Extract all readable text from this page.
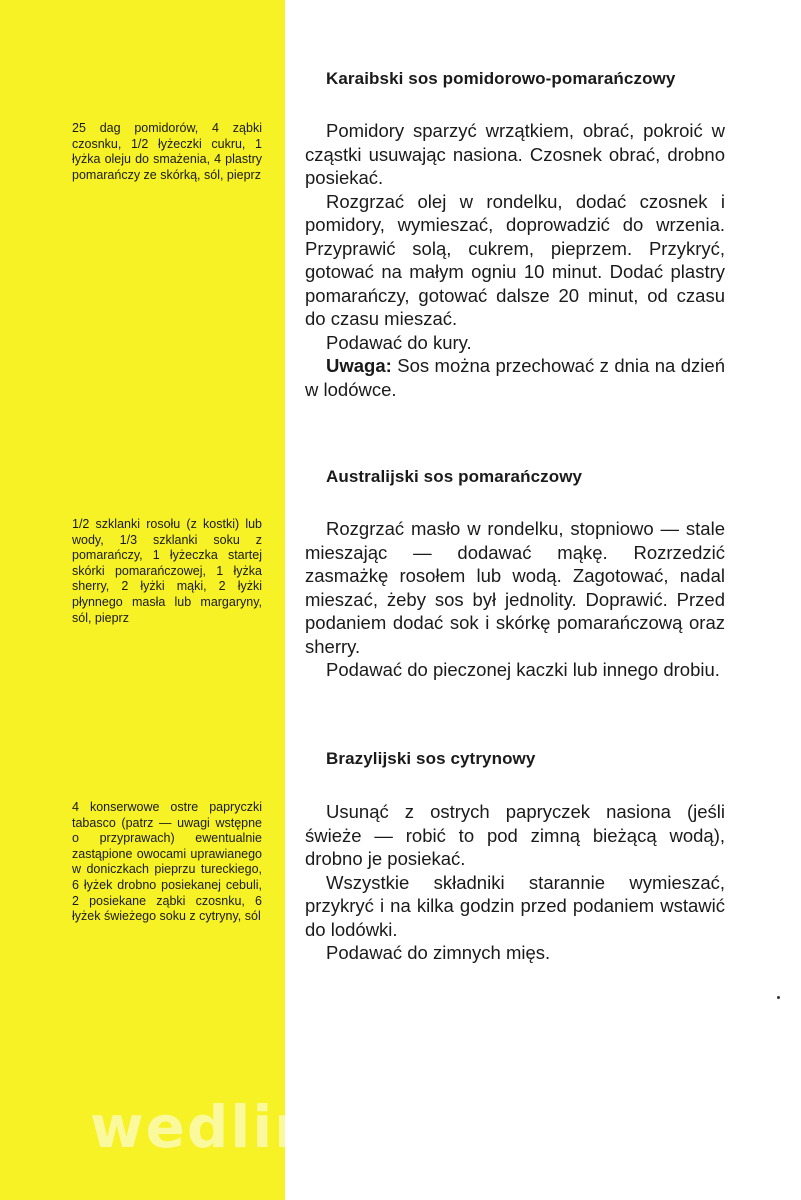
25 dag pomidorów, 4 ząbki czosnku, 1/2 łyżeczki cukru, 1 łyżka oleju do smażenia, 4 plastry pomarańczy ze skórką, sól, pieprz
Karaibski sos pomidorowo-pomarańczowy

Pomidory sparzyć wrzątkiem, obrać, pokroić w cząstki usuwając nasiona. Czosnek obrać, drobno posiekać.

Rozgrzać olej w rondelku, dodać czosnek i pomidory, wymieszać, doprowadzić do wrzenia. Przyprawić solą, cukrem, pieprzem. Przykryć, gotować na małym ogniu 10 minut. Dodać plastry pomarańczy, gotować dalsze 20 minut, od czasu do czasu mieszać.

Podawać do kury.

Uwaga: Sos można przechować z dnia na dzień w lodówce.

1/2 szklanki rosołu (z kostki) lub wody, 1/3 szklanki soku z pomarańczy, 1 łyżeczka startej skórki pomarańczowej, 1 łyżka sherry, 2 łyżki mąki, 2 łyżki płynnego masła lub margaryny, sól, pieprz
Australijski sos pomarańczowy

Rozgrzać masło w rondelku, stopniowo — stale mieszając — dodawać mąkę. Rozrzedzić zasmażkę rosołem lub wodą. Zagotować, nadal mieszać, żeby sos był jednolity. Doprawić. Przed podaniem dodać sok i skórkę pomarańczową oraz sherry.

Podawać do pieczonej kaczki lub innego drobiu.

4 konserwowe ostre papryczki tabasco (patrz — uwagi wstępne o przyprawach) ewentualnie zastąpione owocami uprawianego w doniczkach pieprzu tureckiego, 6 łyżek drobno posiekanej cebuli, 2 posiekane ząbki czosnku, 6 łyżek świeżego soku z cytryny, sól
Brazylijski sos cytrynowy

Usunąć z ostrych papryczek nasiona (jeśli świeże — robić to pod zimną bieżącą wodą), drobno je posiekać.

Wszystkie składniki starannie wymieszać, przykryć i na kilka godzin przed podaniem wstawić do lodówki.

Podawać do zimnych mięs.

wedlinydomowe.pl
